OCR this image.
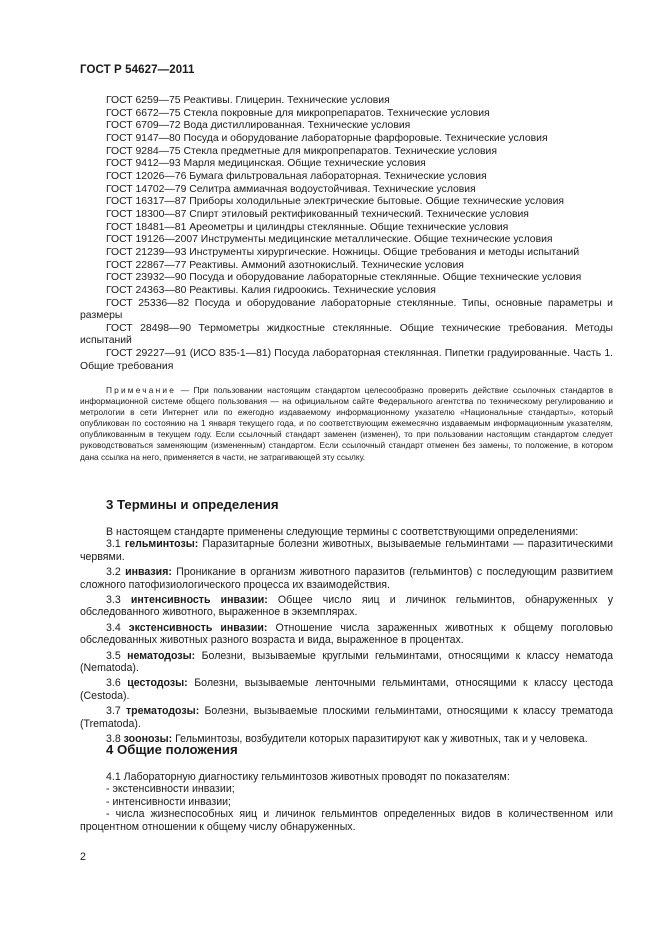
ГОСТ Р 54627—2011
ГОСТ 6259—75 Реактивы. Глицерин. Технические условия
ГОСТ 6672—75 Стекла покровные для микропрепаратов. Технические условия
ГОСТ 6709—72 Вода дистиллированная. Технические условия
ГОСТ 9147—80 Посуда и оборудование лабораторные фарфоровые. Технические условия
ГОСТ 9284—75 Стекла предметные для микропрепаратов. Технические условия
ГОСТ 9412—93 Марля медицинская. Общие технические условия
ГОСТ 12026—76 Бумага фильтровальная лабораторная. Технические условия
ГОСТ 14702—79 Селитра аммиачная водоустойчивая. Технические условия
ГОСТ 16317—87 Приборы холодильные электрические бытовые. Общие технические условия
ГОСТ 18300—87 Спирт этиловый ректификованный технический. Технические условия
ГОСТ 18481—81 Ареометры и цилиндры стеклянные. Общие технические условия
ГОСТ 19126—2007 Инструменты медицинские металлические. Общие технические условия
ГОСТ 21239—93 Инструменты хирургические. Ножницы. Общие требования и методы испытаний
ГОСТ 22867—77 Реактивы. Аммоний азотнокислый. Технические условия
ГОСТ 23932—90 Посуда и оборудование лабораторные стеклянные. Общие технические условия
ГОСТ 24363—80 Реактивы. Калия гидроокись. Технические условия
ГОСТ 25336—82 Посуда и оборудование лабораторные стеклянные. Типы, основные параметры и размеры
ГОСТ 28498—90 Термометры жидкостные стеклянные. Общие технические требования. Методы испытаний
ГОСТ 29227—91 (ИСО 835-1—81) Посуда лабораторная стеклянная. Пипетки градуированные. Часть 1. Общие требования
Примечание — При пользовании настоящим стандартом целесообразно проверить действие ссылочных стандартов в информационной системе общего пользования — на официальном сайте Федерального агентства по техническому регулированию и метрологии в сети Интернет или по ежегодно издаваемому информационному указателю «Национальные стандарты», который опубликован по состоянию на 1 января текущего года, и по соответствующим ежемесячно издаваемым информационным указателям, опубликованным в текущем году. Если ссылочный стандарт заменен (изменен), то при пользовании настоящим стандартом следует руководствоваться заменяющим (измененным) стандартом. Если ссылочный стандарт отменен без замены, то положение, в котором дана ссылка на него, применяется в части, не затрагивающей эту ссылку.
3 Термины и определения

В настоящем стандарте применены следующие термины с соответствующими определениями:

3.1 гельминтозы: Паразитарные болезни животных, вызываемые гельминтами — паразитическими червями.

3.2 инвазия: Проникание в организм животного паразитов (гельминтов) с последующим развитием сложного патофизиологического процесса их взаимодействия.

3.3 интенсивность инвазии: Общее число яиц и личинок гельминтов, обнаруженных у обследованного животного, выраженное в экземплярах.

3.4 экстенсивность инвазии: Отношение числа зараженных животных к общему поголовью обследованных животных разного возраста и вида, выраженное в процентах.

3.5 нематодозы: Болезни, вызываемые круглыми гельминтами, относящими к классу нематода (Nematoda).

3.6 цестодозы: Болезни, вызываемые ленточными гельминтами, относящими к классу цестода (Cestoda).

3.7 трематодозы: Болезни, вызываемые плоскими гельминтами, относящими к классу трематода (Trematoda).

3.8 зоонозы: Гельминтозы, возбудители которых паразитируют как у животных, так и у человека.

4 Общие положения

4.1 Лабораторную диагностику гельминтозов животных проводят по показателям:

- экстенсивности инвазии;

- интенсивности инвазии;

- числа жизнеспособных яиц и личинок гельминтов определенных видов в количественном или процентном отношении к общему числу обнаруженных.

2
